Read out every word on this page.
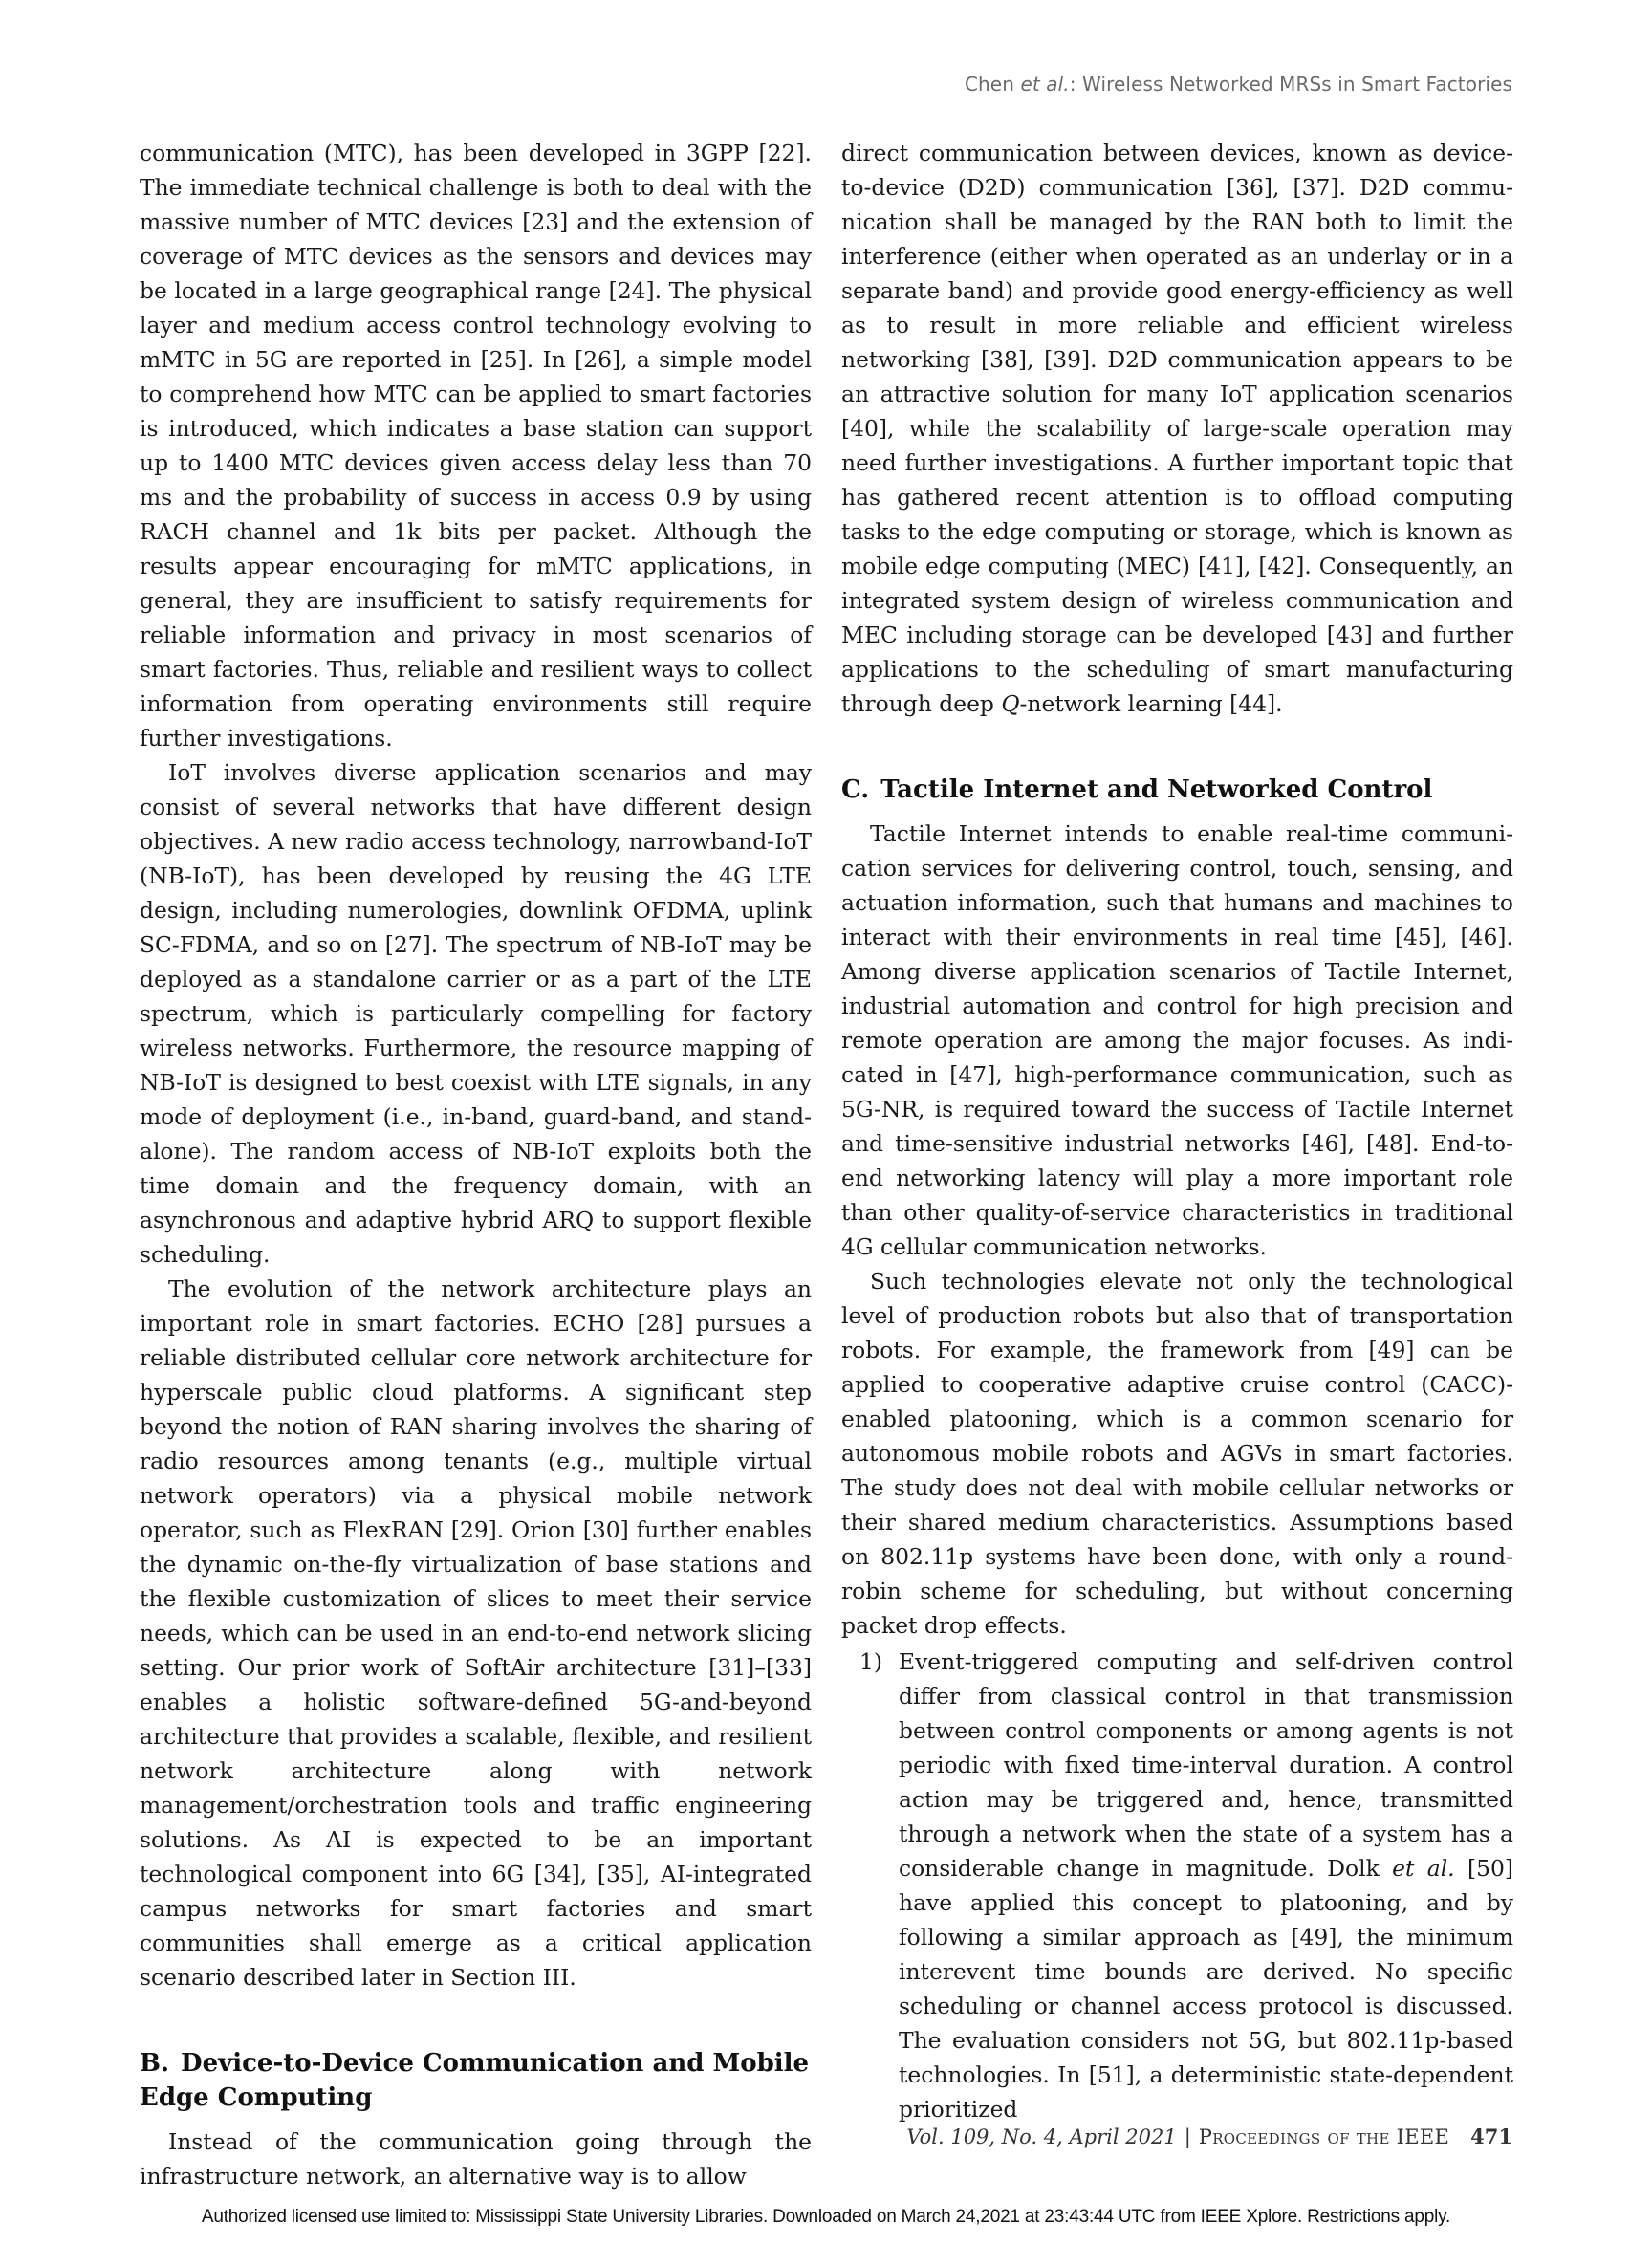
Chen et al.: Wireless Networked MRSs in Smart Factories

communication (MTC), has been developed in 3GPP [22]. The immediate technical challenge is both to deal with the massive number of MTC devices [23] and the extension of coverage of MTC devices as the sensors and devices may be located in a large geographical range [24]. The physical layer and medium access control technology evolving to mMTC in 5G are reported in [25]. In [26], a simple model to comprehend how MTC can be applied to smart factories is introduced, which indicates a base station can support up to 1400 MTC devices given access delay less than 70 ms and the probability of success in access 0.9 by using RACH channel and 1k bits per packet. Although the results appear encouraging for mMTC applications, in general, they are insufficient to satisfy requirements for reliable information and privacy in most scenarios of smart factories. Thus, reliable and resilient ways to collect information from operating environments still require further investigations.

IoT involves diverse application scenarios and may consist of several networks that have different design objectives. A new radio access technology, narrowband-IoT (NB-IoT), has been developed by reusing the 4G LTE design, including numerologies, downlink OFDMA, uplink SC-FDMA, and so on [27]. The spectrum of NB-IoT may be deployed as a standalone carrier or as a part of the LTE spectrum, which is particularly compelling for factory wireless networks. Furthermore, the resource mapping of NB-IoT is designed to best coexist with LTE signals, in any mode of deployment (i.e., in-band, guard-band, and standalone). The random access of NB-IoT exploits both the time domain and the frequency domain, with an asynchronous and adaptive hybrid ARQ to support flexible scheduling.

The evolution of the network architecture plays an important role in smart factories. ECHO [28] pursues a reliable distributed cellular core network architecture for hyperscale public cloud platforms. A significant step beyond the notion of RAN sharing involves the sharing of radio resources among tenants (e.g., multiple virtual network operators) via a physical mobile network operator, such as FlexRAN [29]. Orion [30] further enables the dynamic on-the-fly virtualization of base stations and the flexible customization of slices to meet their service needs, which can be used in an end-to-end network slicing setting. Our prior work of SoftAir architecture [31]–[33] enables a holistic software-defined 5G-and-beyond architecture that provides a scalable, flexible, and resilient network architecture along with network management/orchestration tools and traffic engineering solutions. As AI is expected to be an important technological component into 6G [34], [35], AI-integrated campus networks for smart factories and smart communities shall emerge as a critical application scenario described later in Section III.

B. Device-to-Device Communication and Mobile Edge Computing

Instead of the communication going through the infrastructure network, an alternative way is to allow

direct communication between devices, known as device-to-device (D2D) communication [36], [37]. D2D communication shall be managed by the RAN both to limit the interference (either when operated as an underlay or in a separate band) and provide good energy-efficiency as well as to result in more reliable and efficient wireless networking [38], [39]. D2D communication appears to be an attractive solution for many IoT application scenarios [40], while the scalability of large-scale operation may need further investigations. A further important topic that has gathered recent attention is to offload computing tasks to the edge computing or storage, which is known as mobile edge computing (MEC) [41], [42]. Consequently, an integrated system design of wireless communication and MEC including storage can be developed [43] and further applications to the scheduling of smart manufacturing through deep Q-network learning [44].

C. Tactile Internet and Networked Control

Tactile Internet intends to enable real-time communication services for delivering control, touch, sensing, and actuation information, such that humans and machines to interact with their environments in real time [45], [46]. Among diverse application scenarios of Tactile Internet, industrial automation and control for high precision and remote operation are among the major focuses. As indicated in [47], high-performance communication, such as 5G-NR, is required toward the success of Tactile Internet and time-sensitive industrial networks [46], [48]. End-to-end networking latency will play a more important role than other quality-of-service characteristics in traditional 4G cellular communication networks.

Such technologies elevate not only the technological level of production robots but also that of transportation robots. For example, the framework from [49] can be applied to cooperative adaptive cruise control (CACC)-enabled platooning, which is a common scenario for autonomous mobile robots and AGVs in smart factories. The study does not deal with mobile cellular networks or their shared medium characteristics. Assumptions based on 802.11p systems have been done, with only a round-robin scheme for scheduling, but without concerning packet drop effects.

1) Event-triggered computing and self-driven control differ from classical control in that transmission between control components or among agents is not periodic with fixed time-interval duration. A control action may be triggered and, hence, transmitted through a network when the state of a system has a considerable change in magnitude. Dolk et al. [50] have applied this concept to platooning, and by following a similar approach as [49], the minimum interevent time bounds are derived. No specific scheduling or channel access protocol is discussed. The evaluation considers not 5G, but 802.11p-based technologies. In [51], a deterministic state-dependent prioritized
Vol. 109, No. 4, April 2021 | Proceedings of the IEEE 471
Authorized licensed use limited to: Mississippi State University Libraries. Downloaded on March 24,2021 at 23:43:44 UTC from IEEE Xplore. Restrictions apply.
